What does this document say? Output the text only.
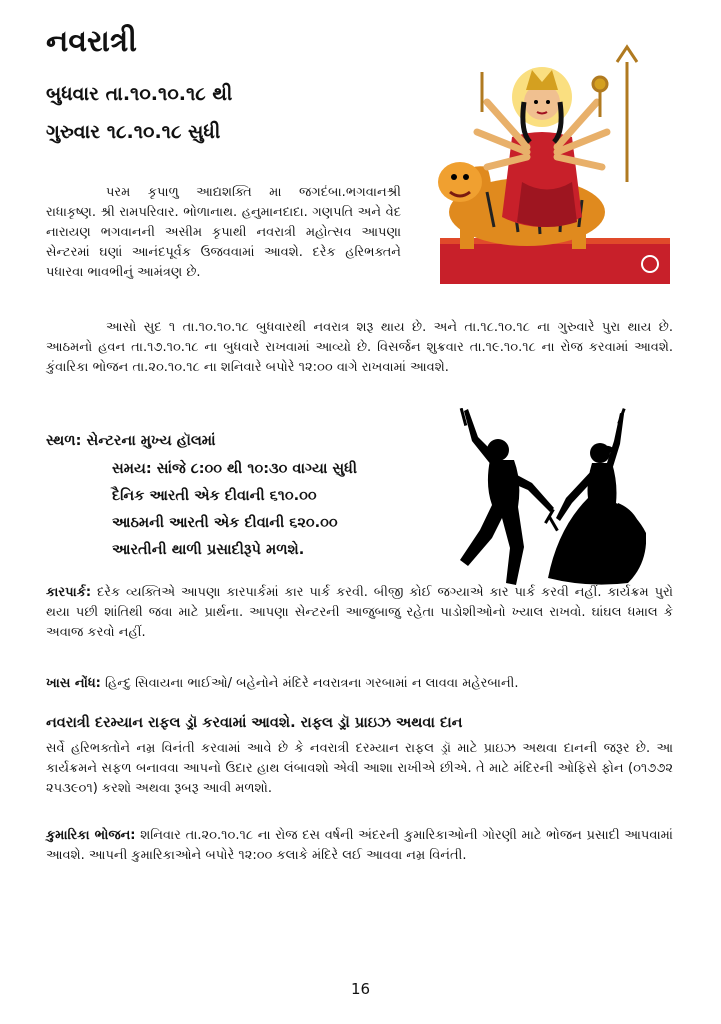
નવરાત્રી
બુધવાર તા.૧૦.૧૦.૧૮ થી
ગુરુવાર ૧૮.૧૦.૧૮ સુધી
પરમ કૃપાળુ આદ્યશક્તિ મા જગદંબા.ભગવાનશ્રી રાધાકૃષ્ણ. શ્રી રામપરિવાર. ભોળાનાથ. હનુમાનદાદા. ગણપતિ અને વેદ નારાયણ ભગવાનની અસીમ કૃપાથી નવરાત્રી મહોત્સવ આપણા સેન્ટરમાં ઘણાં આનંદપૂર્વક ઉજવવામાં આવશે. દરેક હરિભક્તને પધારવા ભાવભીનું આમંત્રણ છે.
આસો સુદ ૧ તા.૧૦.૧૦.૧૮ બુધવારથી નવરાત્ર શરૂ થાય છે. અને તા.૧૮.૧૦.૧૮ ના ગુરુવારે પુરા થાય છે. આઠમનો હવન તા.૧૭.૧૦.૧૮ ના બુધવારે રાખવામાં આવ્યો છે. વિસર્જન શુક્રવાર તા.૧૯.૧૦.૧૮ ના રોજ કરવામાં આવશે. કુંવારિકા ભોજન તા.૨૦.૧૦.૧૮ ના શનિવારે બપોરે ૧૨:૦૦ વાગે રાખવામાં આવશે.
સ્થળ: સેન્ટરના મુખ્ય હૉલમાં
સમય: સાંજે ૮:૦૦ થી ૧૦:૩૦ વાગ્યા સુધી
દૈનિક આરતી એક દીવાની ૬૧૦.૦૦
આઠમની આરતી એક દીવાની ૬૨૦.૦૦
આરતીની થાળી પ્રસાદીરૂપે મળશે.
કારપાર્ક: દરેક વ્યક્તિએ આપણા કારપાર્કમાં કાર પાર્ક કરવી. બીજી કોઈ જગ્યાએ કાર પાર્ક કરવી નહીં. કાર્યક્રમ પુરો થયા પછી શાંતિથી જવા માટે પ્રાર્થના. આપણા સેન્ટરની આજુબાજુ રહેતા પાડોશીઓનો ખ્યાલ રાખવો. ઘાંઘલ ધમાલ કે અવાજ કરવો નહીં.
ખાસ નોંધ: હિન્દુ સિવાયના ભાઈઓ/ બહેનોને મંદિરે નવરાત્રના ગરબામાં ન લાવવા મહેરબાની.
નવરાત્રી દરમ્યાન રાફલ ડ્રૉ કરવામાં આવશે. રાફલ ડ્રૉ પ્રાઇઝ અથવા દાન
સર્વે હરિભક્તોને નમ્ર વિનંતી કરવામાં આવે છે કે નવરાત્રી દરમ્યાન રાફલ ડ્રૉ માટે પ્રાઇઝ અથવા દાનની જરૂર છે. આ કાર્યક્રમને સફળ બનાવવા આપનો ઉદાર હાથ લંબાવશો એવી આશા રાખીએ છીએ. તે માટે મંદિરની ઓફિસે ફોન (૦૧૭૭૨ ૨૫૩૯૦૧) કરશો અથવા રૂબરૂ આવી મળશો.
કુમારિકા ભોજન: શનિવાર તા.૨૦.૧૦.૧૮ ના રોજ દસ વર્ષની અંદરની કુમારિકાઓની ગોરણી માટે ભોજન પ્રસાદી આપવામાં આવશે. આપની કુમારિકાઓને બપોરે ૧૨:૦૦ કલાકે મંદિરે લઈ આવવા નમ્ર વિનંતી.
16
